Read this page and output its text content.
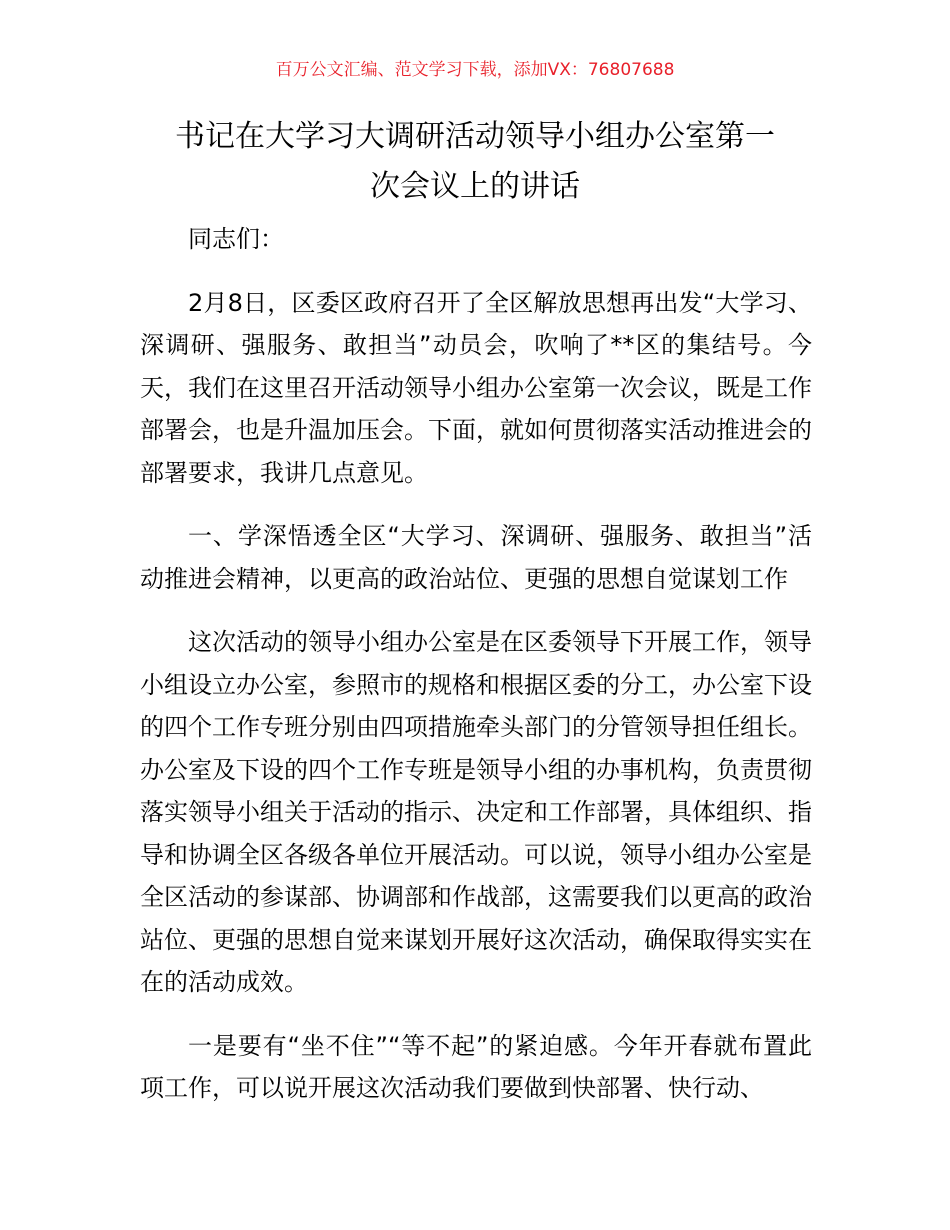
百万公文汇编、范文学习下载，添加VX：76807688
书记在大学习大调研活动领导小组办公室第一
次会议上的讲话

同志们：

2月8日，区委区政府召开了全区解放思想再出发“大学习、深调研、强服务、敢担当”动员会，吹响了**区的集结号。今天，我们在这里召开活动领导小组办公室第一次会议，既是工作部署会，也是升温加压会。下面，就如何贯彻落实活动推进会的部署要求，我讲几点意见。

一、学深悟透全区“大学习、深调研、强服务、敢担当”活动推进会精神，以更高的政治站位、更强的思想自觉谋划工作

这次活动的领导小组办公室是在区委领导下开展工作，领导小组设立办公室，参照市的规格和根据区委的分工，办公室下设的四个工作专班分别由四项措施牵头部门的分管领导担任组长。办公室及下设的四个工作专班是领导小组的办事机构，负责贯彻落实领导小组关于活动的指示、决定和工作部署，具体组织、指导和协调全区各级各单位开展活动。可以说，领导小组办公室是全区活动的参谋部、协调部和作战部，这需要我们以更高的政治站位、更强的思想自觉来谋划开展好这次活动，确保取得实实在在的活动成效。

一是要有“坐不住”“等不起”的紧迫感。今年开春就布置此项工作，可以说开展这次活动我们要做到快部署、快行动、
